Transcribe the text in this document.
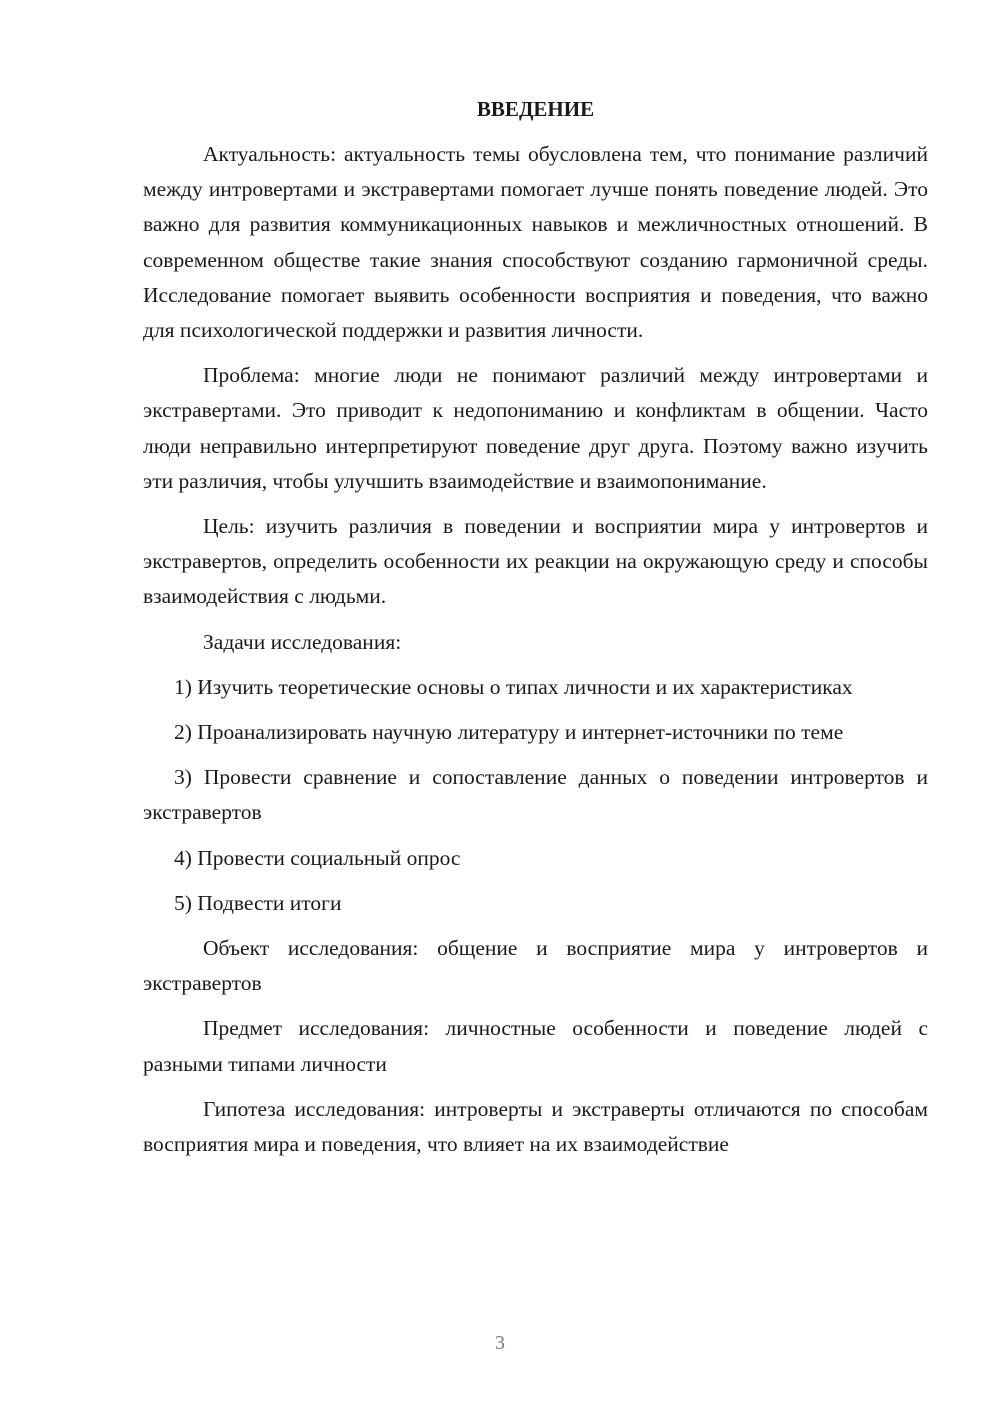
ВВЕДЕНИЕ

Актуальность: актуальность темы обусловлена тем, что понимание различий между интровертами и экстравертами помогает лучше понять поведение людей. Это важно для развития коммуникационных навыков и межличностных отношений. В современном обществе такие знания способствуют созданию гармоничной среды. Исследование помогает выявить особенности восприятия и поведения, что важно для психологической поддержки и развития личности.

Проблема: многие люди не понимают различий между интровертами и экстравертами. Это приводит к недопониманию и конфликтам в общении. Часто люди неправильно интерпретируют поведение друг друга. Поэтому важно изучить эти различия, чтобы улучшить взаимодействие и взаимопонимание.

Цель: изучить различия в поведении и восприятии мира у интровертов и экстравертов, определить особенности их реакции на окружающую среду и способы взаимодействия с людьми.

Задачи исследования:

1) Изучить теоретические основы о типах личности и их характеристиках

2) Проанализировать научную литературу и интернет-источники по теме

3) Провести сравнение и сопоставление данных о поведении интровертов и экстравертов

4) Провести социальный опрос

5) Подвести итоги

Объект исследования: общение и восприятие мира у интровертов и экстравертов

Предмет исследования: личностные особенности и поведение людей с разными типами личности

Гипотеза исследования: интроверты и экстраверты отличаются по способам восприятия мира и поведения, что влияет на их взаимодействие

3
